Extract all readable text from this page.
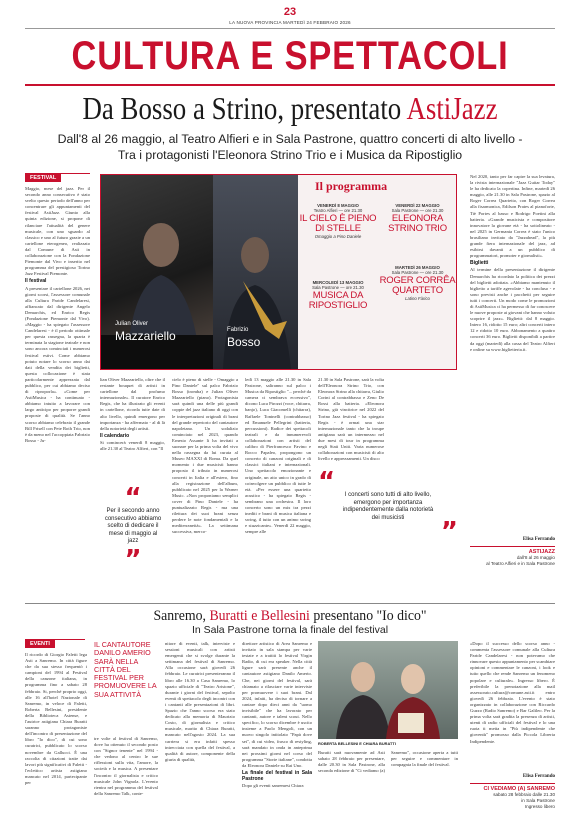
23
LA NUOVA PROVINCIA MARTEDÌ 24 FEBBRAIO 2026
CULTURA E SPETTACOLI
Da Bosso a Strino, presentato AstiJazz
Dall'8 al 26 maggio, al Teatro Alfieri e in Sala Pastrone, quattro concerti di alto livello -
Tra i protagonisti l'Eleonora Strino Trio e i Musica da Ripostiglio
FESTIVAL

Maggio, mese del jazz. Per il secondo anno consecutivo è stato svelto questo periodo dell'anno per concentrare gli appuntamenti del festival AstiJazz. Giunto alla quinta edizione, si propone di rilanciare l'attualità del genere musicale, con uno sguardo al classico e uno al futuro grazie a un cartellone eterogeneo, realizzato dal Comune di Asti in collaborazione con la Fondazione Piemonte dal Vivo e inserito nel programma del prestigioso Torino Jazz Festival Piemonte.

Il festival

A presentare il cartellone 2026, nei giorni scorsi, l'assessore comunale alla Cultura Paride Candelaresi, affiancato dal dirigente Angelo Demarchis, ed Enrico Regis (Fondazione Piemonte dal Vivo). «Maggio - ha spiegato l'assessore Candelaresi - è il periodo ottimale per questa rassegna, la quarta è terminata la stagione teatrale e non sono ancora cominciati i numerosi festival estivi. Come abbiamo potuto notare lo scorso anno dai dati della vendita dei biglietti, questa collocazione è stata particolarmente apprezzata dal pubblico, per cui abbiamo deciso di riproporla». «Come per AstiMusica - ha continuato - abbiamo intuito a lavorare con largo anticipo per proporre grandi proposte di qualità. Se l'anno scorso abbiamo celebrato il grande Bill Frisell con Pete Roth Trio, non è da meno nel l'accoppiata Fabrizio Bosso - Ju-

Julian Oliver
Mazzariello	Fabrizio
Bosso
Il programma
VENERDÌ 8 MAGGIO
Teatro Alfieri — ore 21.30
IL CIELO È PIENO DI STELLE
Omaggio a Pino Daniele
VENERDÌ 22 MAGGIO
Sala Pastrone — ore 21.30
ELEONORA STRINO TRIO
MERCOLEDÌ 13 MAGGIO
Sala Pastrone — ore 21.30
MUSICA DA RIPOSTIGLIO
MARTEDÌ 26 MAGGIO
Sala Pastrone — ore 21.30
ROGER CORRÊA QUARTETO
Latino Fàrico

Nel 2020, tanto per far capire la sua levatura, la rivista internazionale "Jazz Guitar Today" le ha dedicato la copertina. Infine, martedì 26 maggio, alle 21.30 in Sala Pastrone, spazio al Roger Correa Quartetto, con Roger Correa alla fisarmonica, Edilson Prates al pianoforte, Tiè Portes al basso e Rodrigo Poetini alla batteria. «Grande musicista e compositore innovatore la giovane età - ha sottolineato - nel 2025 in Germania Correa è stato l'unico brasiliano invitato da "Jazzahead", la più grande fiera internazionale del jazz, ad esibirsi davanti a un pubblico di programmatori, promoter e giornalisti».

Biglietti

Al termine della presentazione il dirigente Demarchis ha ricordato la politica dei prezzi del biglietti adottata. «Abbiamo mantenuto il biglietto a tariffe agevolate - ha concluso - e sono previsti anche i pacchetti per seguire tutti i concerti. Un modo come le promozioni di AstiMusica ci ha permesso di far conoscere le nuove proposte ai giovani che hanno voluto scoprire il jazz». Biglietti: dal 8 maggio. Intero 16, ridotto 15 euro; altri concerti intero 12 e ridotto 10 euro. Abbonamento a quattro concerti 36 euro. Biglietti disponibili a partire da oggi (martedì) alla cassa del Teatro Alfieri e online su www.biglietteria.it.

Elisa Ferrando
ASTIJAZZ
dall'8 al 26 maggio
al Teatro Alfieri e in Sala Pastrone

lian Oliver Mazzariello, oltre che il restante bouquet di artisti in cartellone dal profumo internazionale». Il curatore Enrico Regis, che ha illustrato gli eventi in cartellone, ricorda tutte date di alto livello, quindi emergono per importanza - ha affermato - al di là della notorietà degli artisti.

Il calendario

Si comincerà venerdì 8 maggio, alle 21.30 al Teatro Alfieri, con "Il

“
Per il secondo anno consecutivo abbiamo scelto di dedicare il mese di maggio al jazz
”

cielo è pieno di stelle - Omaggio a Pino Daniele" sul palco Fabrizio Bosso (tromba) e Julian Oliver Mazzariello (piano). Protagonista sarà quindi una delle più grandi coppie del jazz italiano di oggi con le interpretazioni originali di brani del grande repertorio del cantautore napoletano. Un sodalizio cominciato nel 2023, quando Ernesto Assante li ha invitati a suonare per la prima volta del vivo nella rassegna da lui curata al Museo MAXXI di Roma. Da quel momento i due musicisti hanno proposto il tributo in numerosi concerti in Italia e all'estero, fino alla registrazione dell'album, pubblicato nel 2025 per la Warner Music. «Non proponiamo semplici cover di Pino Daniele - ha puntualizzato Regis - ma una rilettura dei suoi brani senza perdere le note fondamentali e la mediterraneità». La settimana successiva, merco-

ledì 13 maggio alle 21.30 in Sala Pastrone, saliranno sul palco i Musica da Ripostiglio "... perché da camera ci sembrava eccessivo", dicono Luca Pirozzi (voce, chitarra, banjo), Luca Giacomelli (chitarra), Raffaele Toninelli (contrabbasso) ed Emanuele Pellegrini (batteria, percussioni). Radice dei spettacoli teatrali e da innumerevoli collaborazioni con artisti del calibro di Pierfrancesco Favino e Rocco Papaleo, propongono un concerto di canzoni originali e di classici italiani e internazionali. Uno spettacolo emozionante e originale, un atto unico in grado di coinvolgere un pubblico di tutte le età. «Per essere una quartetto acustico - ha spiegato Regis - sembrano una orchestra. Il loro concerto sono un mix tra pezzi inediti e brani di musica italiana e swing, il tutto con un animo swing e stuzzicante». Venerdì 22 maggio, sempre alle

21.30 in Sala Pastrone, sarà la volta dell'Eleonora Strino Trio, con Eleonora Strino alla chitarra, Giulio Corini al contrabbasso e Zeno De Rossi alla batteria. «Eleonora Strino, già vincitrice nel 2022 del Torino Jazz festival - ha spiegato Regis - è ormai una star internazionale tanto che la troupe antigiana sarà un intermezzo nel due mesi di tour in programma negli Stati Uniti. Varia numerose collaborazioni con musicisti di alto livello e apprezzamenti. Un disco

“	I concerti sono tutti di alto livello, emergono per importanza indipendentemente dalla notorietà dei musicisti	”
Sanremo, Buratti e Bellesini presentano "Io dico"
In Sala Pastrone torna la finale del festival
EVENTI

Il ricordo di Giorgio Faletti lega Asti a Sanremo. In città figure che da sua stesso frequentò i campioni del 1994 al Festival della canzone italiana, in programma fino a sabato 28 febbraio. Si, perché proprio oggi, alle 16 all'hotel Nazionale di Sanremo, in veloce di Faletti, Roberta Bellesini, presidente della Biblioteca Astense, e l'autrice astigiana Chiara Buratti saranno protagoniste dell'incontro di presentazione del libro "Io dico", di cui sono curatrici, pubblicato lo scorso novembre da Gallucci. È una raccolta di citazioni tratte dai lavori più significativi di Faletti - l'eclettico artista astigiano mancato nel 2014, partecipante per

IL CANTAUTORE DANILO AMERIO SARÀ NELLA CITTÀ DEL FESTIVAL PER PROMUOVERE LA SUA ATTIVITÀ

tre volte al festival di Sanremo, dove ha ottenuto il secondo posto con "Signor tenente" nel 1994 - che vedono al centro le sue riflessioni sulla vita, l'amore, la società e la musica. A presentare l'incontro il giornalista e critico musicale John Vignola. L'evento rientra nel programma del festival della Sanremo Talk, conte-

nitore di eventi, talk, interviste e sessioni musicali con artisti emergenti che si svolge durante la settimana del festival di Sanremo. Alla occasione sarà giovedì 26 febbraio. Le curatrici presenteranno il libro alle 16.30 a Casa Sanremo, lo spazio ufficiale di "Teatro Aristone", durante i giorni del festival, sepolto eventi di spettacolo degli incontri con i cantanti alle presentazioni di libri. Spazio che l'anno scorso era stato dedicato alla memoria di Maurizio Costo, di giornalista e critico musicale, marito di Chiara Buratti, mancato nell'agosto 2024. La sua carriera si era infatti spesso intrecciata con quella del festival, a qualità di autore, componente della giuria di qualità,

direttore artistico di Area Sanremo e invitato in sala stampa per varie testate e a trattiti lo festival Virgin Radio, di cui era speaker. Nella città ligure sarà presente anche il cantautore astigiano Danilo Amerio. Che, nei giorni del festival, sarà chiamato a rilasciare varie interviste per promuovere i suoi brani. Dal 2024, infatti, ha deciso di tornare a cantare dopo dieci anni da "uomo invisibile" che ha lavorato per cantanti, autore e talent scout. Nello specifico, lo scorso dicembre è uscito insieme a Paolo Mengoli, con un nuovo singolo intitolato "Papà dove sei", di cui video, frasco di restyling, sarà mandato in onda in anteprima nei prossimi giorni nel corso del programma "Storie italiane", condotta da Eleonora Daniele su Rai Uno.

La finale del festival in Sala Pastrone

Dopo gli eventi sanremesi Chiara

ROBERTA BELLESINI E CHIARA BURATTI

Buratti sarà nuovamente ad Asti sabato 28 febbraio per presentare, dalle 20.30 in Sala Pastrone, alla seconda edizione di "Ci vediamo (a) Sanremo", occasione aperta a tutti per seguire e commentare in compagnia la finale del festival.

«Dopo il successo dello scorso anno - commenta l'assessore comunale alla Cultura Paride Candelaresi - non potevamo che rinnovare questo appuntamento per scambiare opinioni e commentare le canzoni, i look e tutto quello che rende Sanremo un fenomeno popolare e culturale». Ingresso libero. È preferibile la prenotazione alla mail assessorato.cultura@comune.asti.it entro giovedì 26 febbraio. L'evento è stato organizzato in collaborazione con Riccardo Guzzo (Radio Sanremo) e Bar Galileo. Per la prima volta sarà gradita la presenza di artisti, utenti di radio ufficiali del festival e lo una ruota ti metta in "Più indipendente che gioventù" promosso dalla Piccola Libreria Indipendente.

Elisa Ferrando
CI VEDIAMO (A) SANREMO
sabato 28 febbraio dalle 21.30
in Sala Pastrone
Ingresso libero
